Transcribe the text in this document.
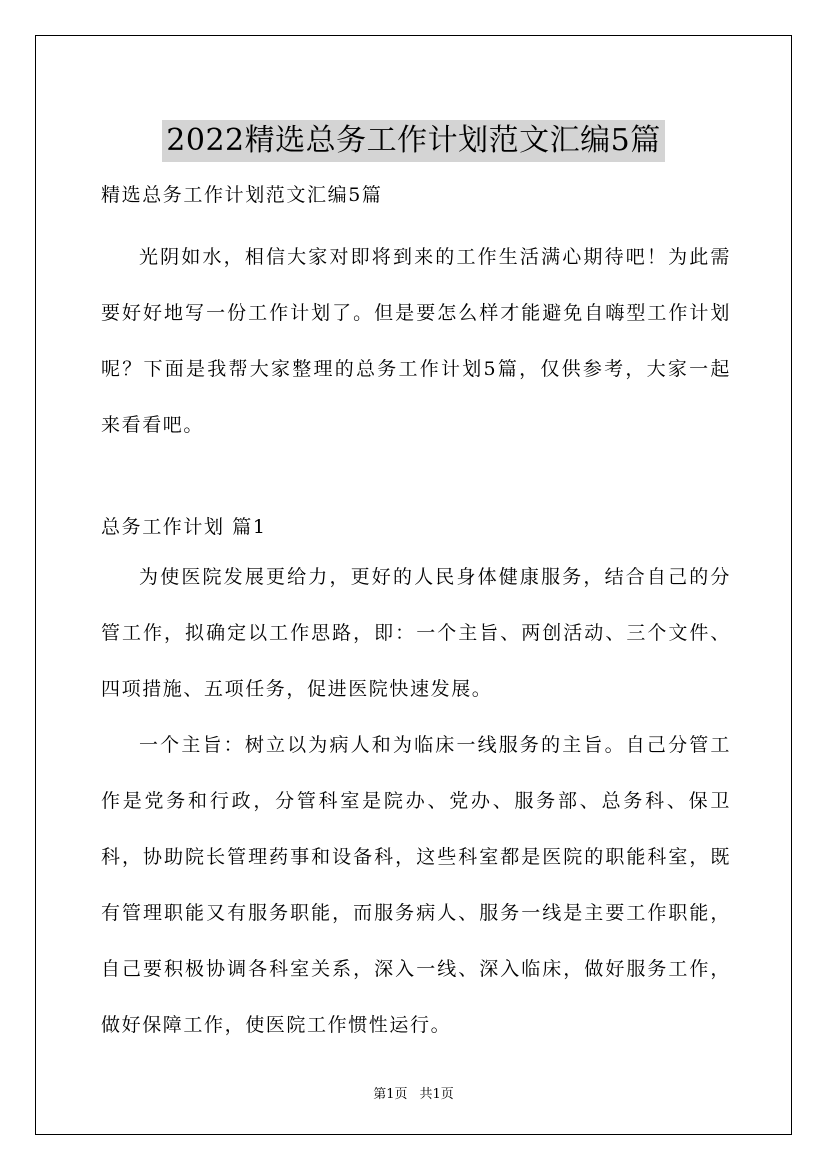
2022精选总务工作计划范文汇编5篇

精选总务工作计划范文汇编5篇

光阴如水，相信大家对即将到来的工作生活满心期待吧！为此需要好好地写一份工作计划了。但是要怎么样才能避免自嗨型工作计划呢？下面是我帮大家整理的总务工作计划5篇，仅供参考，大家一起来看看吧。

总务工作计划 篇1

为使医院发展更给力，更好的人民身体健康服务，结合自己的分管工作，拟确定以工作思路，即：一个主旨、两创活动、三个文件、四项措施、五项任务，促进医院快速发展。

一个主旨：树立以为病人和为临床一线服务的主旨。自己分管工作是党务和行政，分管科室是院办、党办、服务部、总务科、保卫科，协助院长管理药事和设备科，这些科室都是医院的职能科室，既有管理职能又有服务职能，而服务病人、服务一线是主要工作职能，自己要积极协调各科室关系，深入一线、深入临床，做好服务工作，做好保障工作，使医院工作惯性运行。

第1页 共1页
